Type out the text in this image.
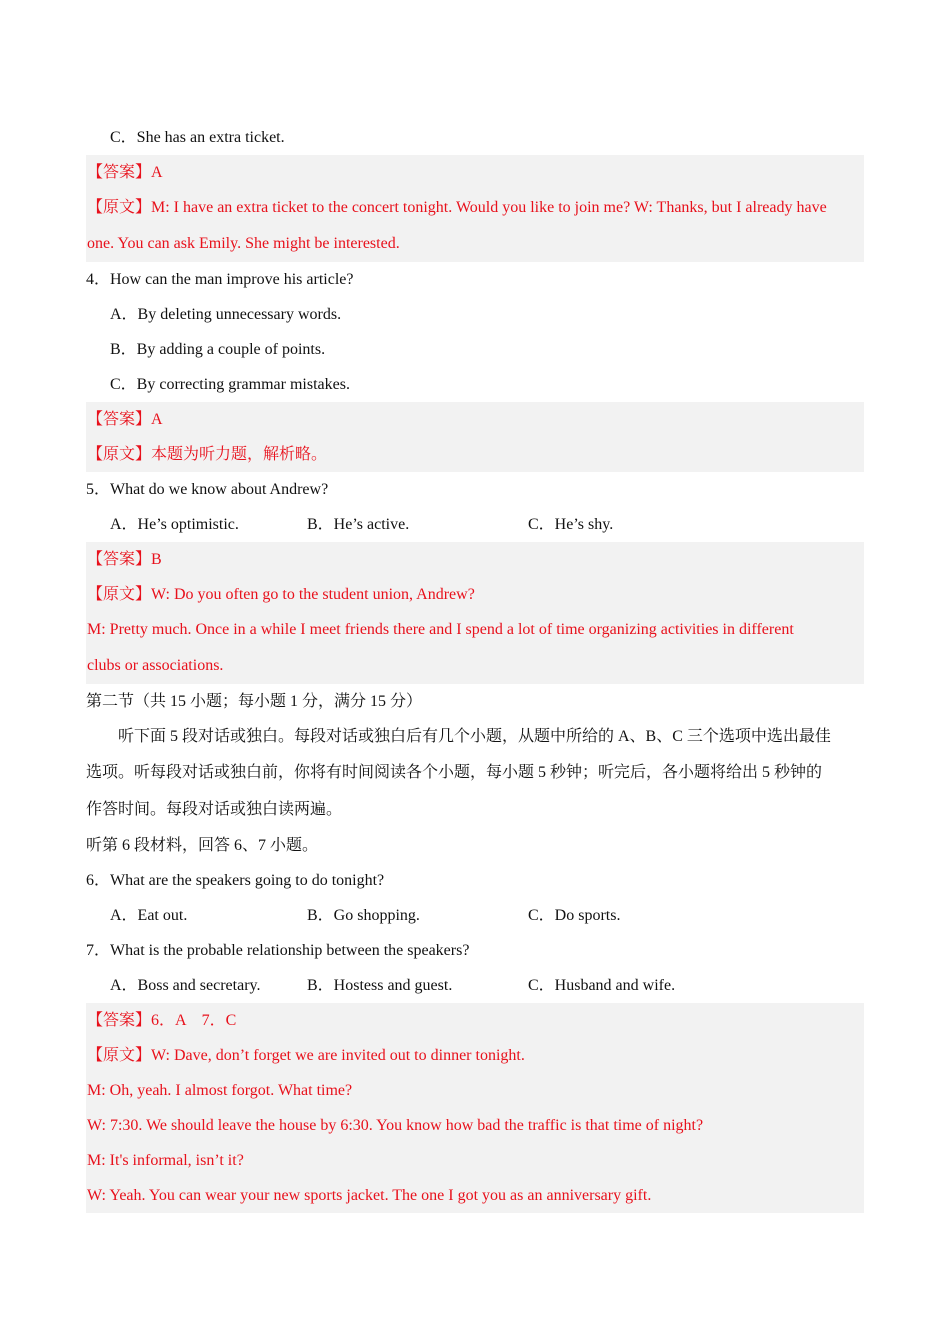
C．She has an extra ticket.
【答案】A
【原文】M: I have an extra ticket to the concert tonight. Would you like to join me? W: Thanks, but I already have
one. You can ask Emily. She might be interested.
4．How can the man improve his article?
A．By deleting unnecessary words.
B．By adding a couple of points.
C．By correcting grammar mistakes.
【答案】A
【原文】本题为听力题，解析略。
5．What do we know about Andrew?
A．He’s optimistic.	B．He’s active.	C．He’s shy.
【答案】B
【原文】W: Do you often go to the student union, Andrew?
M: Pretty much. Once in a while I meet friends there and I spend a lot of time organizing activities in different
clubs or associations.
第二节（共 15 小题；每小题 1 分，满分 15 分）
听下面 5 段对话或独白。每段对话或独白后有几个小题，从题中所给的 A、B、C 三个选项中选出最佳
选项。听每段对话或独白前，你将有时间阅读各个小题，每小题 5 秒钟；听完后，各小题将给出 5 秒钟的
作答时间。每段对话或独白读两遍。
听第 6 段材料，回答 6、7 小题。
6．What are the speakers going to do tonight?
A．Eat out.	B．Go shopping.	C．Do sports.
7．What is the probable relationship between the speakers?
A．Boss and secretary.	B．Hostess and guest.	C．Husband and wife.
【答案】6．A　7．C
【原文】W: Dave, don’t forget we are invited out to dinner tonight.
M: Oh, yeah. I almost forgot. What time?
W: 7:30. We should leave the house by 6:30. You know how bad the traffic is that time of night?
M: It's informal, isn’t it?
W: Yeah. You can wear your new sports jacket. The one I got you as an anniversary gift.
